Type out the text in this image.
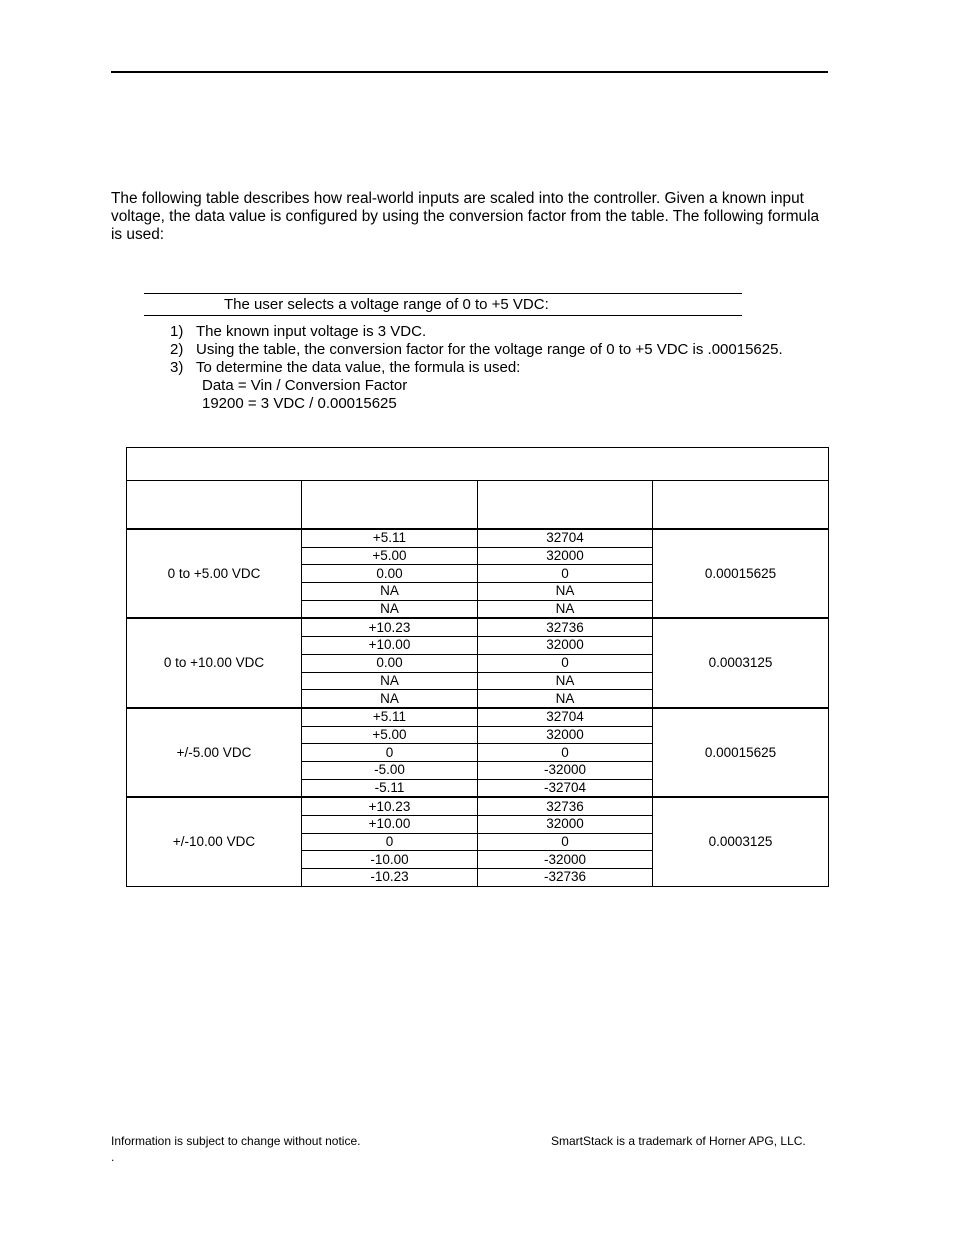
The following table describes how real-world inputs are scaled into the controller. Given a known input voltage, the data value is configured by using the conversion factor from the table. The following formula is used:

The user selects a voltage range of 0 to +5 VDC:
1) The known input voltage is 3 VDC.
2) Using the table, the conversion factor for the voltage range of 0 to +5 VDC is .00015625.
3) To determine the data value, the formula is used:
Data = Vin / Conversion Factor
19200 = 3 VDC / 0.00015625

0 to +5.00 VDC	+5.11	32704	0.00015625
	+5.00	32000	
	0.00	0	
	NA	NA	
	NA	NA	
0 to +10.00 VDC	+10.23	32736	0.0003125
	+10.00	32000	
	0.00	0	
	NA	NA	
	NA	NA	
+/-5.00 VDC	+5.11	32704	0.00015625
	+5.00	32000	
	0	0	
	-5.00	-32000	
	-5.11	-32704	
+/-10.00 VDC	+10.23	32736	0.0003125
	+10.00	32000	
	0	0	
	-10.00	-32000	
	-10.23	-32736	
Information is subject to change without notice.	SmartStack is a trademark of Horner APG, LLC.
.
